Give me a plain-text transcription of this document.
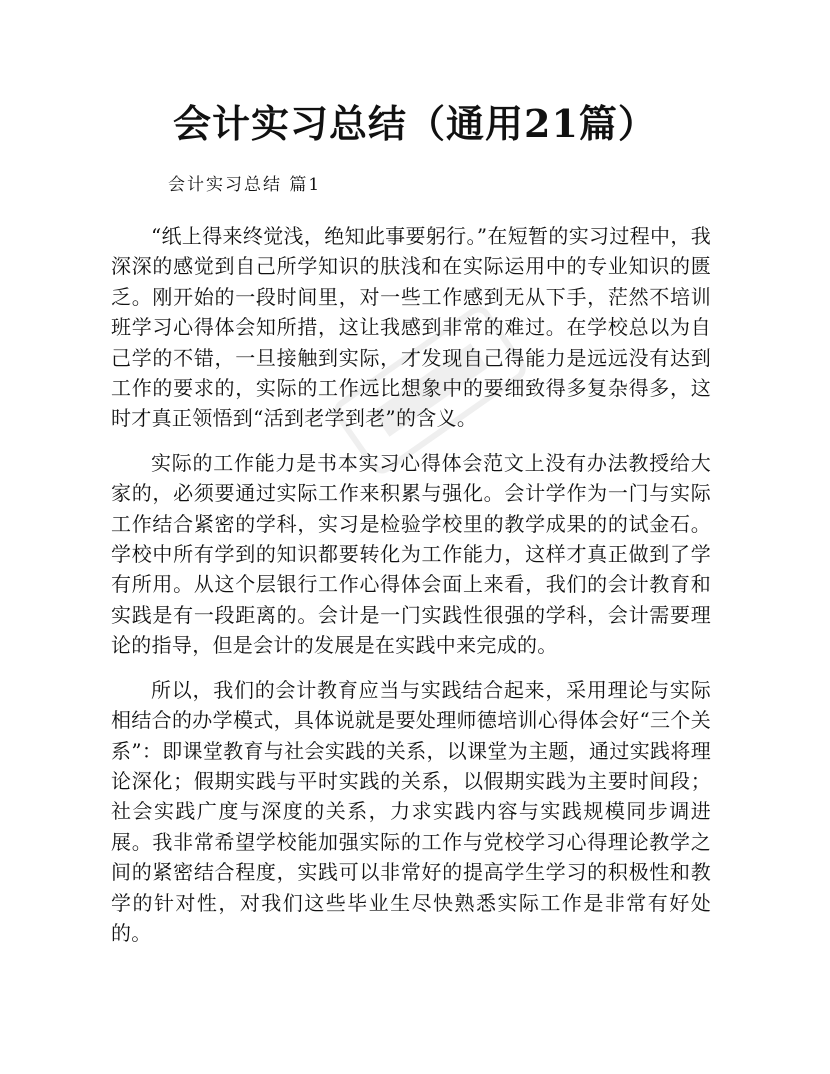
会计实习总结（通用21篇）

会计实习总结 篇1

“纸上得来终觉浅，绝知此事要躬行。”在短暂的实习过程中，我深深的感觉到自己所学知识的肤浅和在实际运用中的专业知识的匮乏。刚开始的一段时间里，对一些工作感到无从下手，茫然不培训班学习心得体会知所措，这让我感到非常的难过。在学校总以为自己学的不错，一旦接触到实际，才发现自己得能力是远远没有达到工作的要求的，实际的工作远比想象中的要细致得多复杂得多，这时才真正领悟到“活到老学到老”的含义。

实际的工作能力是书本实习心得体会范文上没有办法教授给大家的，必须要通过实际工作来积累与强化。会计学作为一门与实际工作结合紧密的学科，实习是检验学校里的教学成果的的试金石。学校中所有学到的知识都要转化为工作能力，这样才真正做到了学有所用。从这个层银行工作心得体会面上来看，我们的会计教育和实践是有一段距离的。会计是一门实践性很强的学科，会计需要理论的指导，但是会计的发展是在实践中来完成的。

所以，我们的会计教育应当与实践结合起来，采用理论与实际相结合的办学模式，具体说就是要处理师德培训心得体会好“三个关系”：即课堂教育与社会实践的关系，以课堂为主题，通过实践将理论深化；假期实践与平时实践的关系，以假期实践为主要时间段；社会实践广度与深度的关系，力求实践内容与实践规模同步调进展。我非常希望学校能加强实际的工作与党校学习心得理论教学之间的紧密结合程度，实践可以非常好的提高学生学习的积极性和教学的针对性，对我们这些毕业生尽快熟悉实际工作是非常有好处的。
